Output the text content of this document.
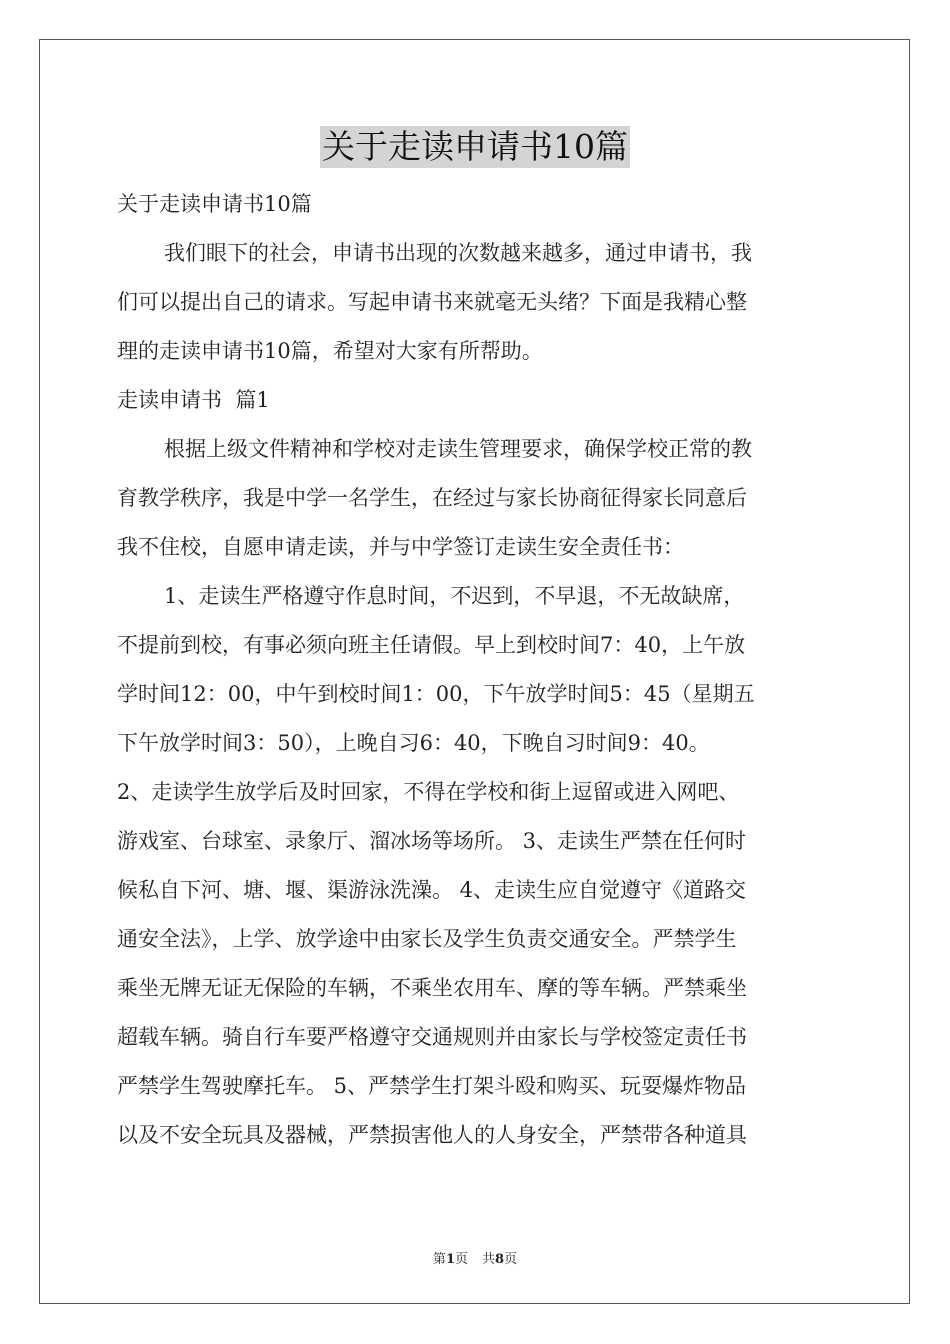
关于走读申请书10篇
关于走读申请书10篇
我们眼下的社会，申请书出现的次数越来越多，通过申请书，我
们可以提出自己的请求。写起申请书来就毫无头绪？下面是我精心整
理的走读申请书10篇，希望对大家有所帮助。
走读申请书  篇1
根据上级文件精神和学校对走读生管理要求，确保学校正常的教
育教学秩序，我是中学一名学生，在经过与家长协商征得家长同意后
我不住校，自愿申请走读，并与中学签订走读生安全责任书：
1、走读生严格遵守作息时间，不迟到，不早退，不无故缺席，
不提前到校，有事必须向班主任请假。早上到校时间7：40，上午放
学时间12：00，中午到校时间1：00，下午放学时间5：45（星期五
下午放学时间3：50），上晚自习6：40，下晚自习时间9：40。
2、走读学生放学后及时回家，不得在学校和街上逗留或进入网吧、
游戏室、台球室、录象厅、溜冰场等场所。 3、走读生严禁在任何时
候私自下河、塘、堰、渠游泳洗澡。 4、走读生应自觉遵守《道路交
通安全法》，上学、放学途中由家长及学生负责交通安全。严禁学生
乘坐无牌无证无保险的车辆，不乘坐农用车、摩的等车辆。严禁乘坐
超载车辆。骑自行车要严格遵守交通规则并由家长与学校签定责任书
严禁学生驾驶摩托车。 5、严禁学生打架斗殴和购买、玩耍爆炸物品
以及不安全玩具及器械，严禁损害他人的人身安全，严禁带各种道具
第1页 共8页
